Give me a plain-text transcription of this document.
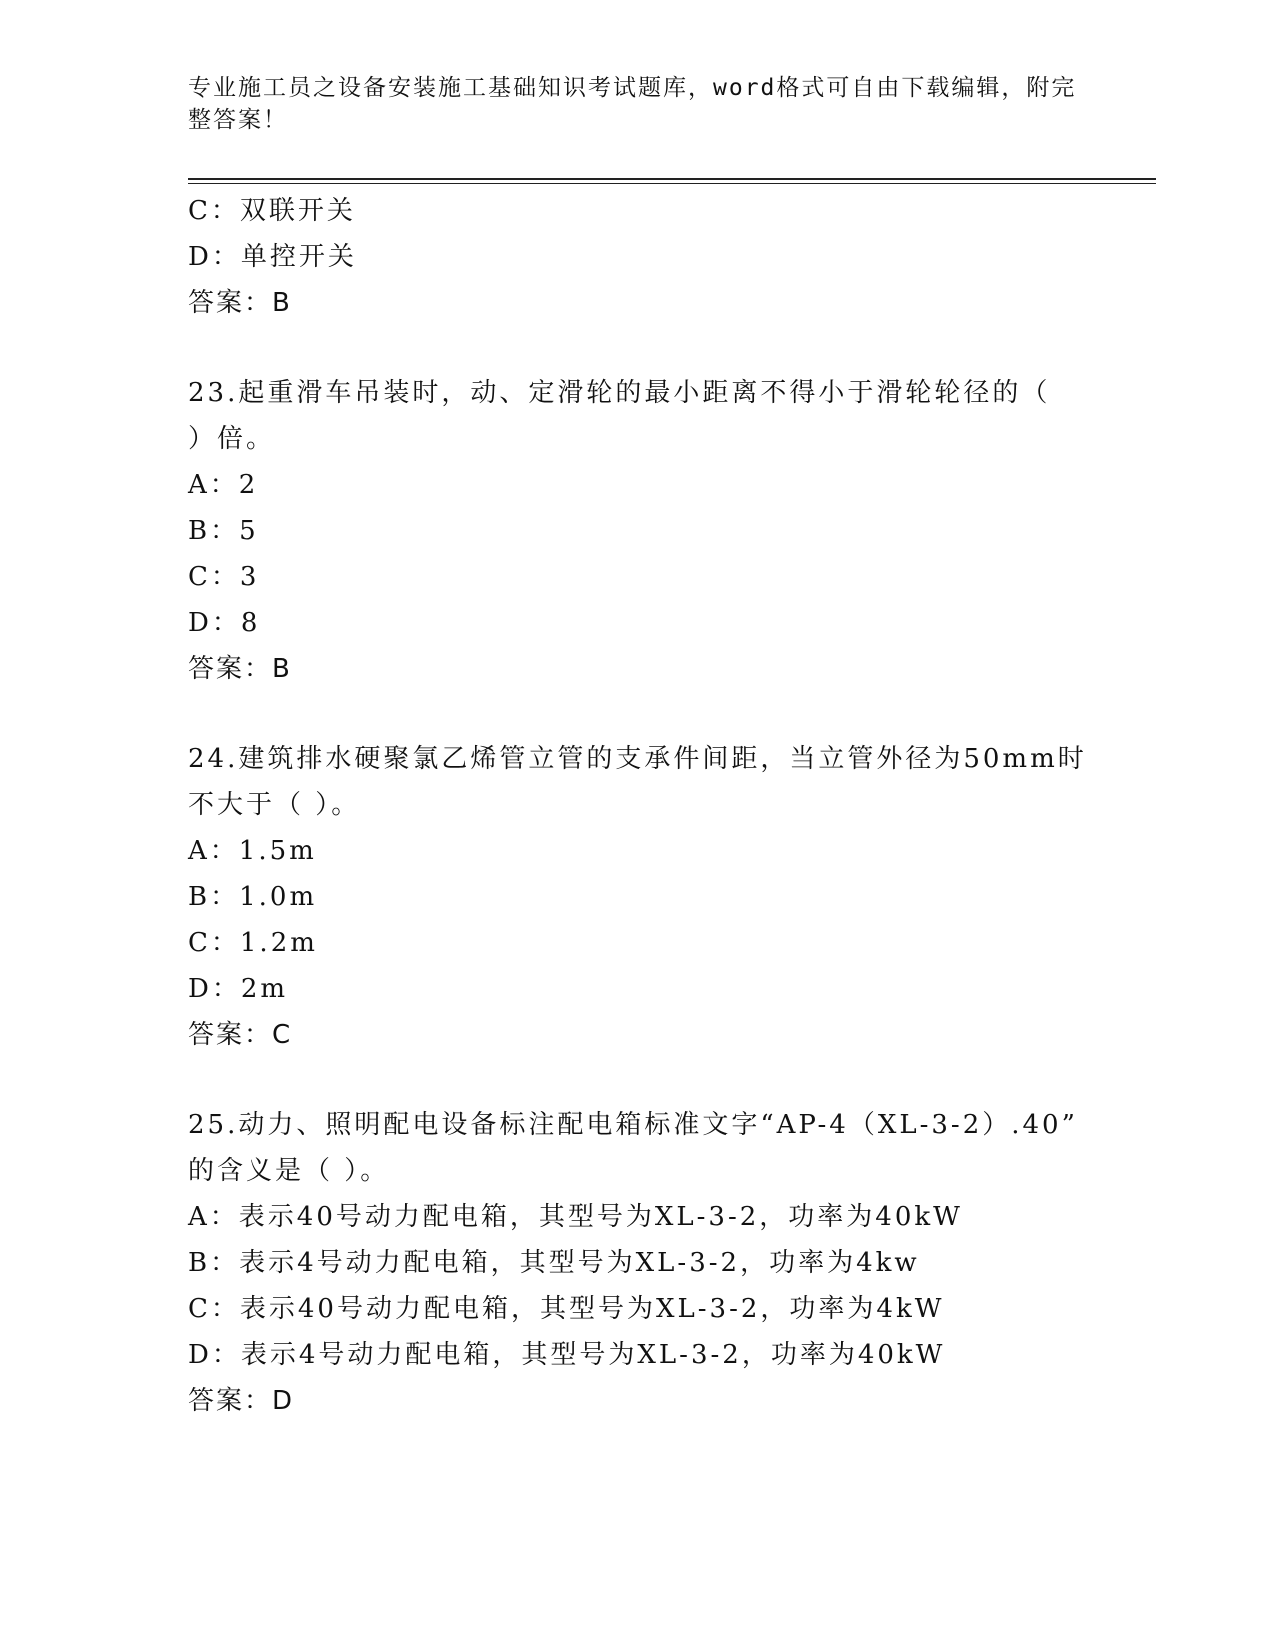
专业施工员之设备安装施工基础知识考试题库，word格式可自由下载编辑，附完整答案！
C：双联开关
D：单控开关
答案：B
23.起重滑车吊装时，动、定滑轮的最小距离不得小于滑轮轮径的（
）倍。
A：2
B：5
C：3
D：8
答案：B
24.建筑排水硬聚氯乙烯管立管的支承件间距，当立管外径为50mm时
不大于（ ）。
A：1.5m
B：1.0m
C：1.2m
D：2m
答案：C
25.动力、照明配电设备标注配电箱标准文字“AP-4（XL-3-2）.40”
的含义是（ ）。
A：表示40号动力配电箱，其型号为XL-3-2，功率为40kW
B：表示4号动力配电箱，其型号为XL-3-2，功率为4kw
C：表示40号动力配电箱，其型号为XL-3-2，功率为4kW
D：表示4号动力配电箱，其型号为XL-3-2，功率为40kW
答案：D
